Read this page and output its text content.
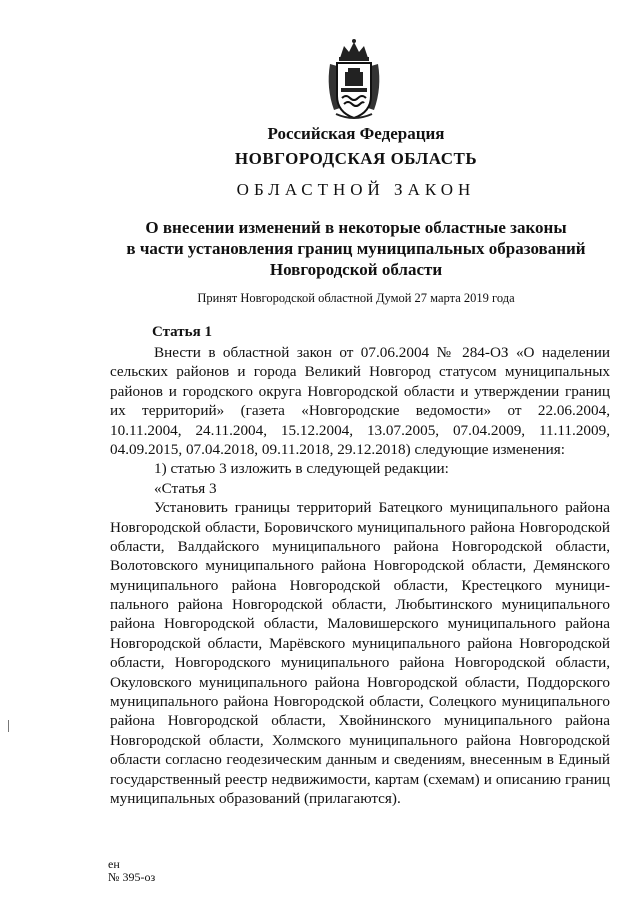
Российская Федерация
НОВГОРОДСКАЯ ОБЛАСТЬ
ОБЛАСТНОЙ ЗАКОН
О внесении изменений в некоторые областные законы
в части установления границ муниципальных образований
Новгородской области
Принят Новгородской областной Думой 27 марта 2019 года
Статья 1
Внести в областной закон от 07.06.2004 № 284-ОЗ «О наделении
сельских районов и города Великий Новгород статусом муниципальных
районов и городского округа Новгородской области и утверждении границ
их территорий» (газета «Новгородские ведомости» от 22.06.2004,
10.11.2004, 24.11.2004, 15.12.2004, 13.07.2005, 07.04.2009, 11.11.2009,
04.09.2015, 07.04.2018, 09.11.2018, 29.12.2018) следующие изменения:
1) статью 3 изложить в следующей редакции:
«Статья 3
Установить границы территорий Батецкого муниципального района
Новгородской области, Боровичского муниципального района Новгородской
области, Валдайского муниципального района Новгородской области,
Волотовского муниципального района Новгородской области, Демянского
муниципального района Новгородской области, Крестецкого муници-
пального района Новгородской области, Любытинского муниципального
района Новгородской области, Маловишерского муниципального района
Новгородской области, Марёвского муниципального района Новгородской
области, Новгородского муниципального района Новгородской области,
Окуловского муниципального района Новгородской области, Поддорского
муниципального района Новгородской области, Солецкого муниципального
района Новгородской области, Хвойнинского муниципального района
Новгородской области, Холмского муниципального района Новгородской
области согласно геодезическим данным и сведениям, внесенным в Единый
государственный реестр недвижимости, картам (схемам) и описанию границ
муниципальных образований (прилагаются).
ен
№ 395-оз
